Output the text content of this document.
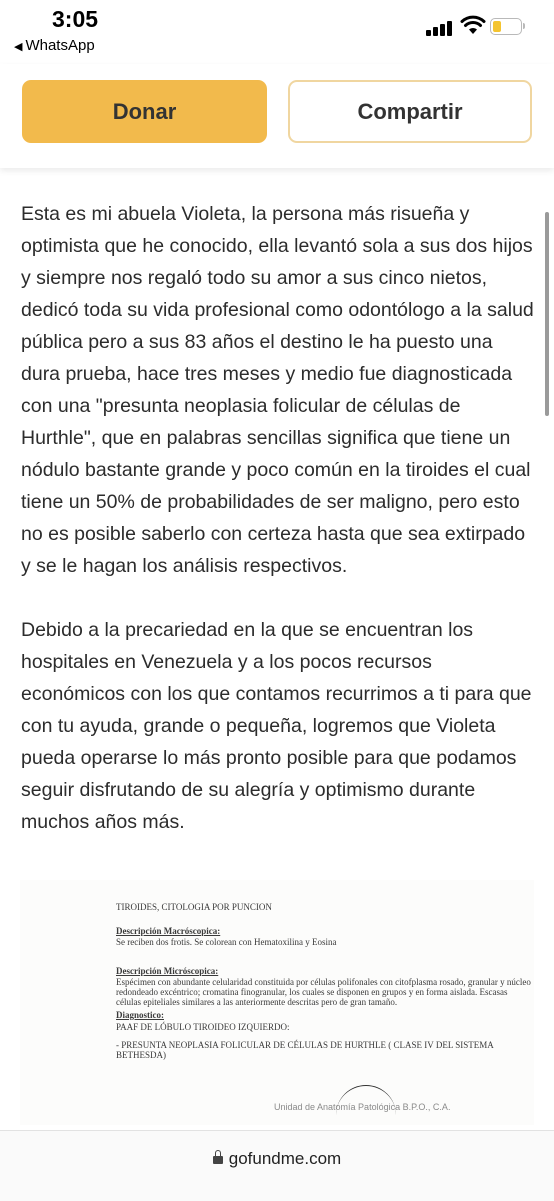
3:05
◀ WhatsApp
Donar	Compartir

Esta es mi abuela Violeta, la persona más risueña y optimista que he conocido, ella levantó sola a sus dos hijos y siempre nos regaló todo su amor a sus cinco nietos, dedicó toda su vida profesional como odontólogo a la salud pública pero a sus 83 años el destino le ha puesto una dura prueba, hace tres meses y medio fue diagnosticada con una "presunta neoplasia folicular de células de Hurthle", que en palabras sencillas significa que tiene un nódulo bastante grande y poco común en la tiroides el cual tiene un 50% de probabilidades de ser maligno, pero esto no es posible saberlo con certeza hasta que sea extirpado y se le hagan los análisis respectivos.

Debido a la precariedad en la que se encuentran los hospitales en Venezuela y a los pocos recursos económicos con los que contamos recurrimos a ti para que con tu ayuda, grande o pequeña, logremos que Violeta pueda operarse lo más pronto posible para que podamos seguir disfrutando de su alegría y optimismo durante muchos años más.

TIROIDES, CITOLOGIA POR PUNCION
Descripción Macróscopica:
Se reciben dos frotis. Se colorean con Hematoxilina y Eosina
Descripción Micróscopica:
Espécimen con abundante celularidad constituida por células polifonales con citofplasma rosado, granular y núcleo
redondeado excéntrico; cromatina finogranular, los cuales se disponen en grupos y en forma aislada. Escasas
células epiteliales similares a las anteriormente descritas pero de gran tamaño.
Diagnostico:
PAAF DE LÓBULO TIROIDEO IZQUIERDO:
- PRESUNTA NEOPLASIA FOLICULAR DE CÉLULAS DE HURTHLE ( CLASE IV DEL SISTEMA
BETHESDA)
Unidad de Anatomía Patológica B.P.O., C.A.
gofundme.com
